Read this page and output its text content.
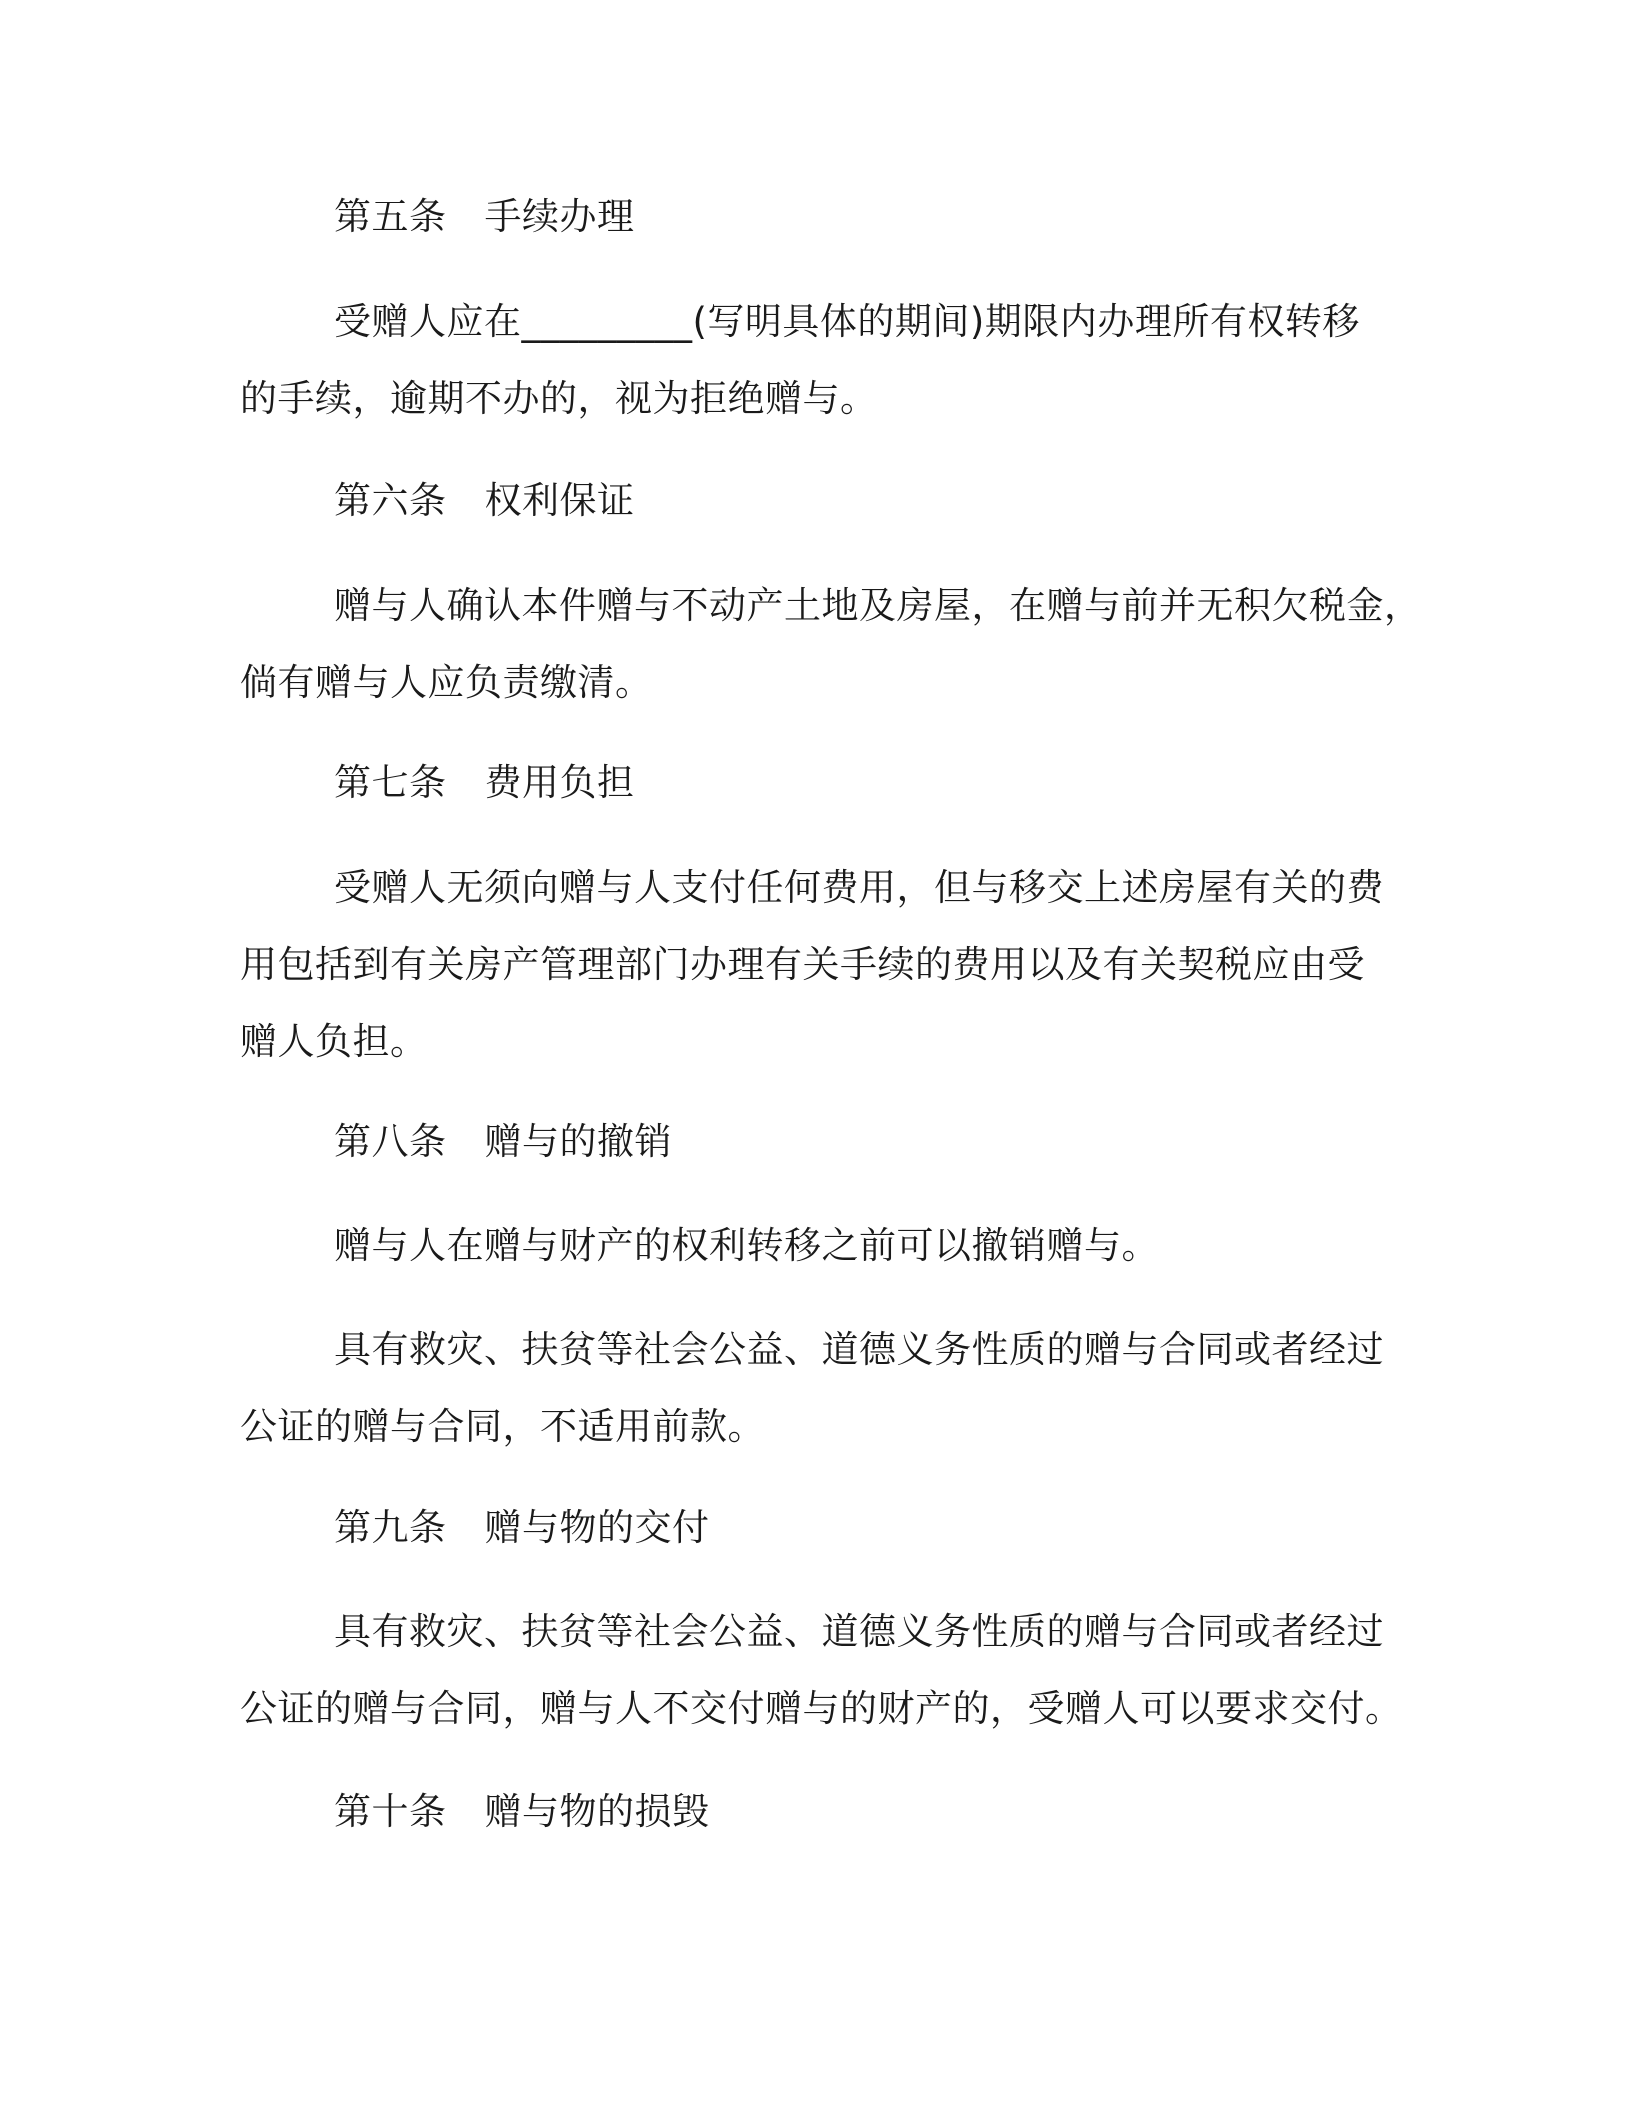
第五条 手续办理
受赠人应在_________(写明具体的期间)期限内办理所有权转移
的手续，逾期不办的，视为拒绝赠与。
第六条 权利保证
赠与人确认本件赠与不动产土地及房屋，在赠与前并无积欠税金，
倘有赠与人应负责缴清。
第七条 费用负担
受赠人无须向赠与人支付任何费用，但与移交上述房屋有关的费
用包括到有关房产管理部门办理有关手续的费用以及有关契税应由受
赠人负担。
第八条 赠与的撤销
赠与人在赠与财产的权利转移之前可以撤销赠与。
具有救灾、扶贫等社会公益、道德义务性质的赠与合同或者经过
公证的赠与合同，不适用前款。
第九条 赠与物的交付
具有救灾、扶贫等社会公益、道德义务性质的赠与合同或者经过
公证的赠与合同，赠与人不交付赠与的财产的，受赠人可以要求交付。
第十条 赠与物的损毁
